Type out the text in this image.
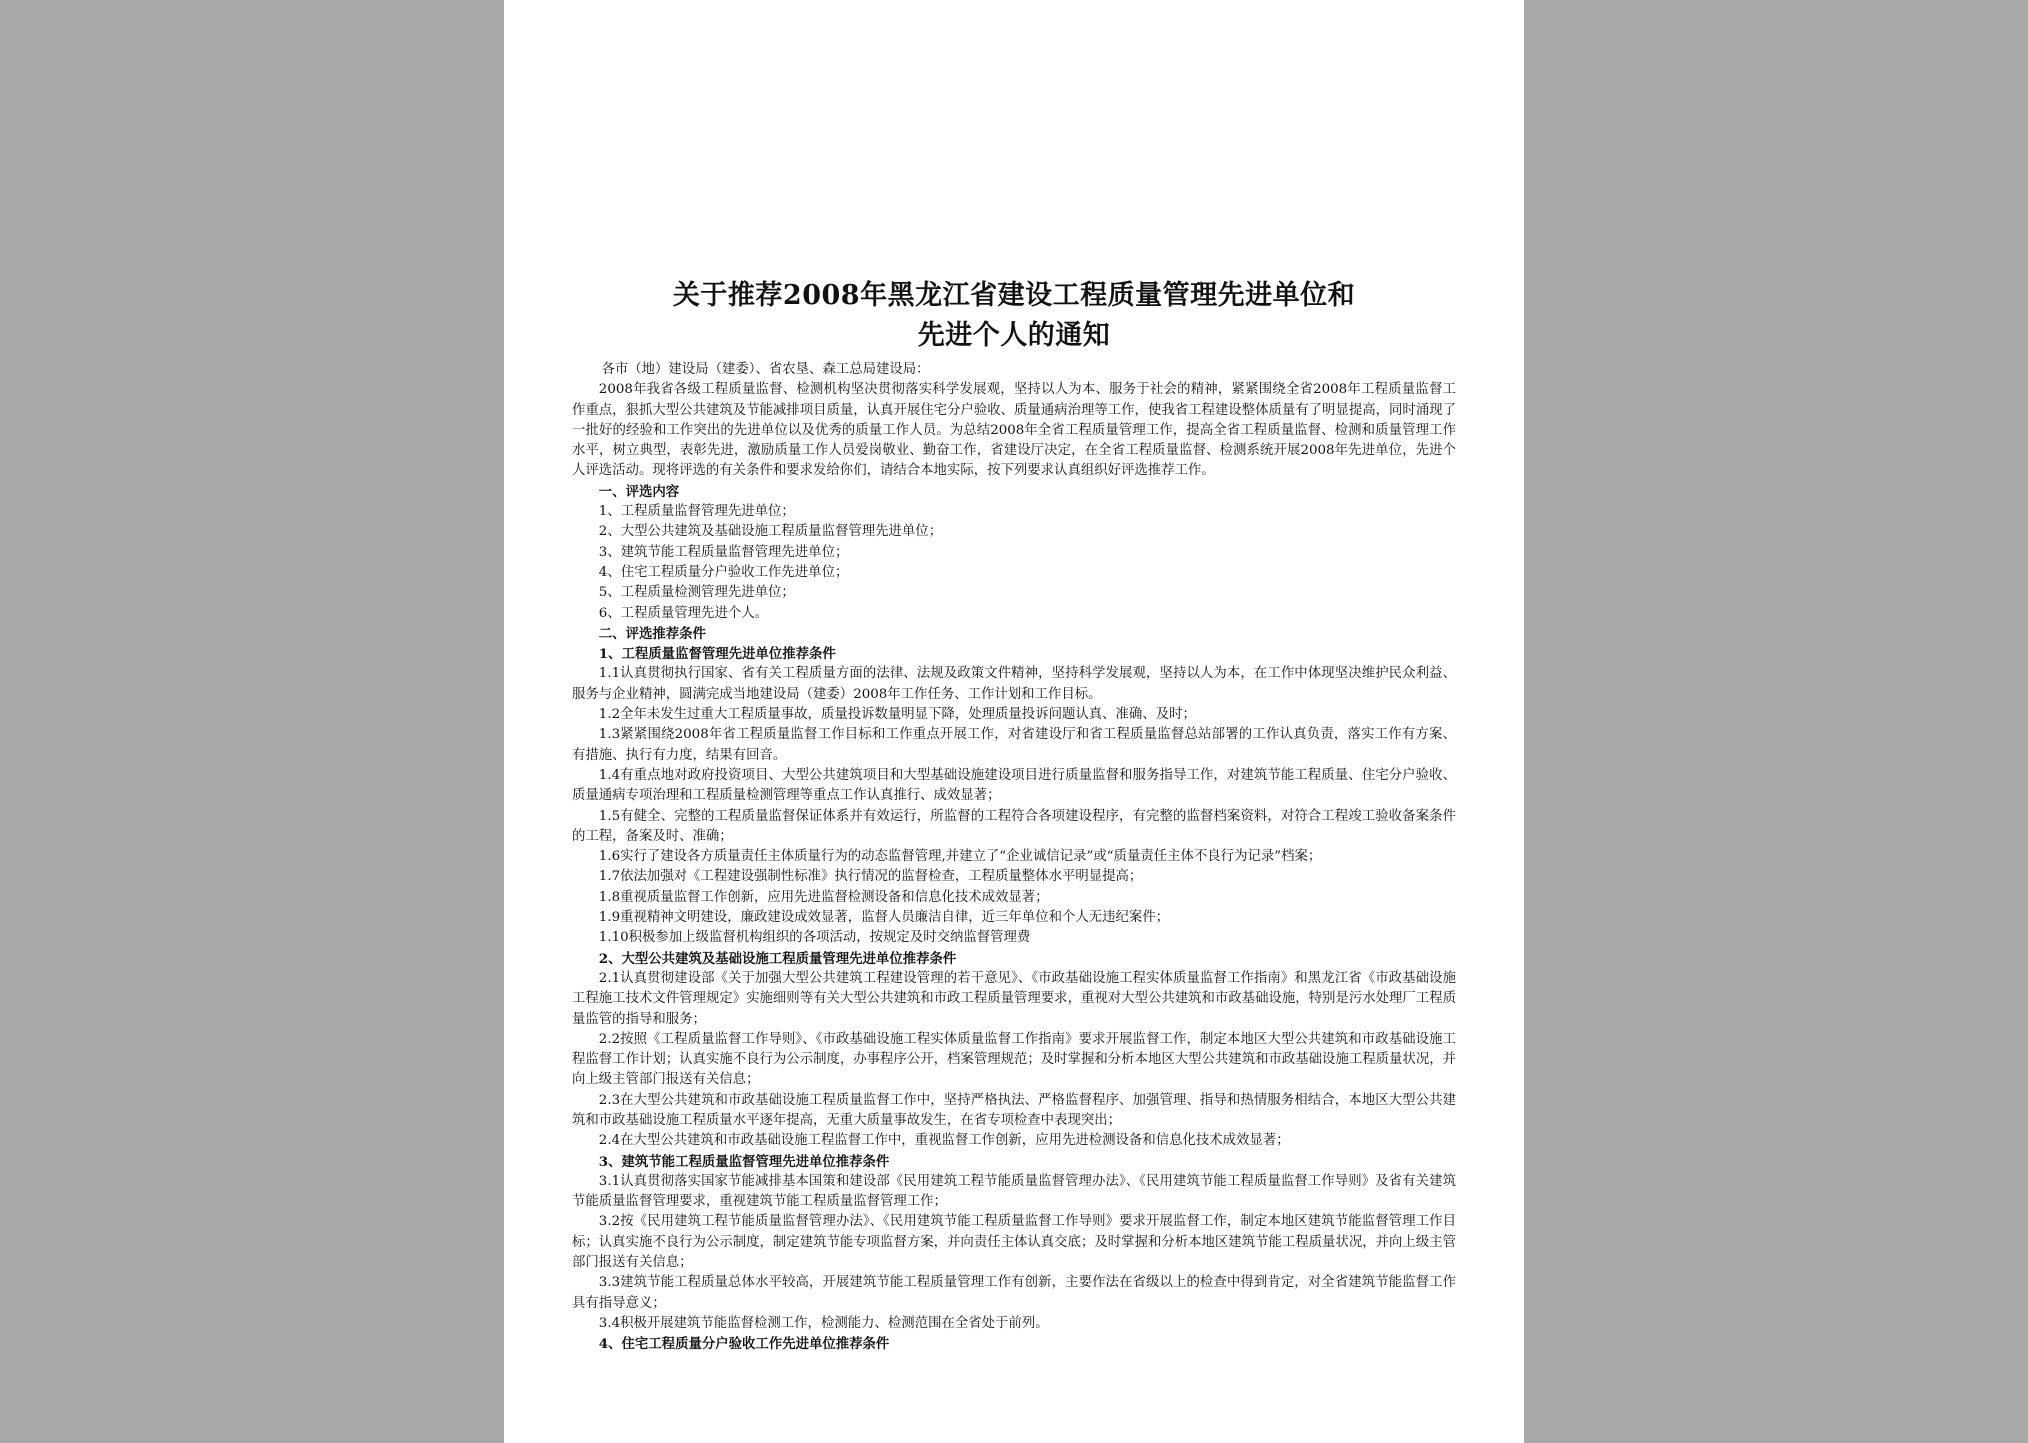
关于推荐2008年黑龙江省建设工程质量管理先进单位和
先进个人的通知

各市（地）建设局（建委）、省农垦、森工总局建设局：

2008年我省各级工程质量监督、检测机构坚决贯彻落实科学发展观，坚持以人为本、服务于社会的精神，紧紧围绕全省2008年工程质量监督工作重点，狠抓大型公共建筑及节能减排项目质量，认真开展住宅分户验收、质量通病治理等工作，使我省工程建设整体质量有了明显提高，同时涌现了一批好的经验和工作突出的先进单位以及优秀的质量工作人员。为总结2008年全省工程质量管理工作，提高全省工程质量监督、检测和质量管理工作水平，树立典型，表彰先进，激励质量工作人员爱岗敬业、勤奋工作，省建设厅决定，在全省工程质量监督、检测系统开展2008年先进单位，先进个人评选活动。现将评选的有关条件和要求发给你们，请结合本地实际，按下列要求认真组织好评选推荐工作。

一、评选内容

1、工程质量监督管理先进单位；

2、大型公共建筑及基础设施工程质量监督管理先进单位；

3、建筑节能工程质量监督管理先进单位；

4、住宅工程质量分户验收工作先进单位；

5、工程质量检测管理先进单位；

6、工程质量管理先进个人。

二、评选推荐条件

1、工程质量监督管理先进单位推荐条件

1.1认真贯彻执行国家、省有关工程质量方面的法律、法规及政策文件精神，坚持科学发展观，坚持以人为本，在工作中体现坚决维护民众利益、服务与企业精神，圆满完成当地建设局（建委）2008年工作任务、工作计划和工作目标。

1.2全年未发生过重大工程质量事故，质量投诉数量明显下降，处理质量投诉问题认真、准确、及时；

1.3紧紧围绕2008年省工程质量监督工作目标和工作重点开展工作，对省建设厅和省工程质量监督总站部署的工作认真负责，落实工作有方案、有措施、执行有力度，结果有回音。

1.4有重点地对政府投资项目、大型公共建筑项目和大型基础设施建设项目进行质量监督和服务指导工作，对建筑节能工程质量、住宅分户验收、质量通病专项治理和工程质量检测管理等重点工作认真推行、成效显著；

1.5有健全、完整的工程质量监督保证体系并有效运行，所监督的工程符合各项建设程序，有完整的监督档案资料，对符合工程竣工验收备案条件的工程，备案及时、准确；

1.6实行了建设各方质量责任主体质量行为的动态监督管理,并建立了“企业诚信记录”或“质量责任主体不良行为记录”档案；

1.7依法加强对《工程建设强制性标准》执行情况的监督检查，工程质量整体水平明显提高；

1.8重视质量监督工作创新，应用先进监督检测设备和信息化技术成效显著；

1.9重视精神文明建设，廉政建设成效显著，监督人员廉洁自律，近三年单位和个人无违纪案件；

1.10积极参加上级监督机构组织的各项活动，按规定及时交纳监督管理费

2、大型公共建筑及基础设施工程质量管理先进单位推荐条件

2.1认真贯彻建设部《关于加强大型公共建筑工程建设管理的若干意见》、《市政基础设施工程实体质量监督工作指南》和黑龙江省《市政基础设施工程施工技术文件管理规定》实施细则等有关大型公共建筑和市政工程质量管理要求，重视对大型公共建筑和市政基础设施，特别是污水处理厂工程质量监管的指导和服务；

2.2按照《工程质量监督工作导则》、《市政基础设施工程实体质量监督工作指南》要求开展监督工作，制定本地区大型公共建筑和市政基础设施工程监督工作计划；认真实施不良行为公示制度，办事程序公开，档案管理规范；及时掌握和分析本地区大型公共建筑和市政基础设施工程质量状况，并向上级主管部门报送有关信息；

2.3在大型公共建筑和市政基础设施工程质量监督工作中，坚持严格执法、严格监督程序、加强管理、指导和热情服务相结合，本地区大型公共建筑和市政基础设施工程质量水平逐年提高，无重大质量事故发生，在省专项检查中表现突出；

2.4在大型公共建筑和市政基础设施工程监督工作中，重视监督工作创新，应用先进检测设备和信息化技术成效显著；

3、建筑节能工程质量监督管理先进单位推荐条件

3.1认真贯彻落实国家节能减排基本国策和建设部《民用建筑工程节能质量监督管理办法》、《民用建筑节能工程质量监督工作导则》及省有关建筑节能质量监督管理要求，重视建筑节能工程质量监督管理工作；

3.2按《民用建筑工程节能质量监督管理办法》、《民用建筑节能工程质量监督工作导则》要求开展监督工作，制定本地区建筑节能监督管理工作目标；认真实施不良行为公示制度，制定建筑节能专项监督方案，并向责任主体认真交底；及时掌握和分析本地区建筑节能工程质量状况，并向上级主管部门报送有关信息；

3.3建筑节能工程质量总体水平较高，开展建筑节能工程质量管理工作有创新，主要作法在省级以上的检查中得到肯定，对全省建筑节能监督工作具有指导意义；

3.4积极开展建筑节能监督检测工作，检测能力、检测范围在全省处于前列。

4、住宅工程质量分户验收工作先进单位推荐条件
